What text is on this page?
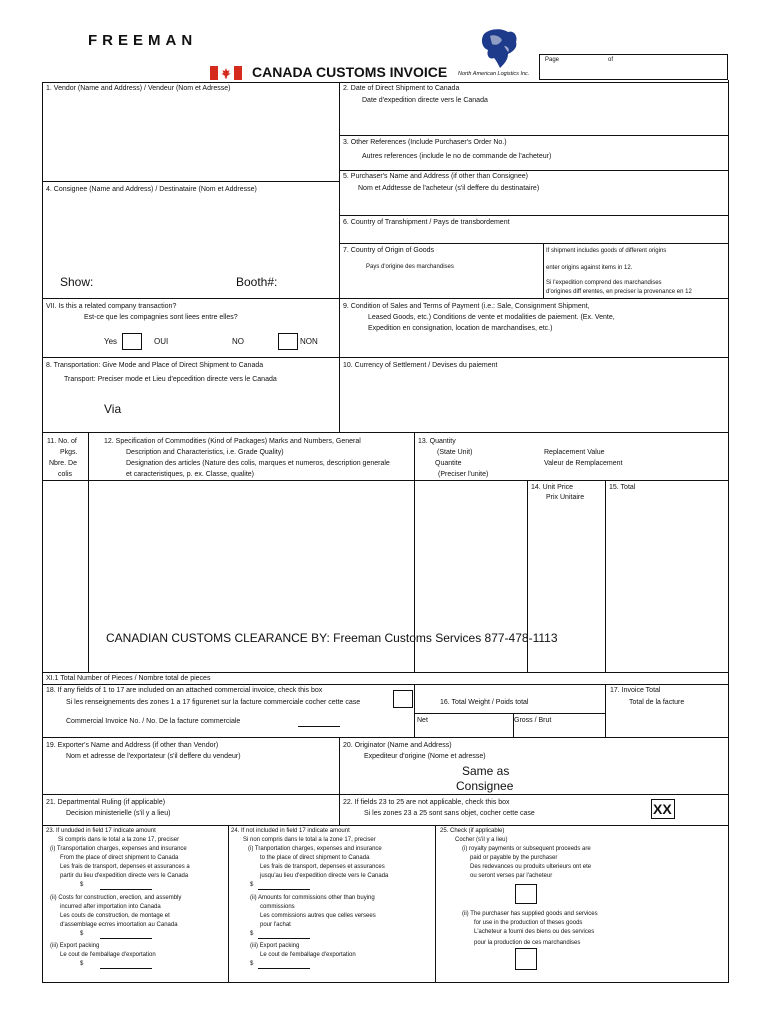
FREEMAN
CANADA CUSTOMS INVOICE North American Logistics Inc.
Page	of
1. Vendor (Name and Address) / Vendeur (Nom et Adresse)	2. Date of Direct Shipment to Canada
Date d'expedition directe vers le Canada
3. Other References (Include Purchaser's Order No.)
Autres references (include le no de commande de l'acheteur)
5. Purchaser's Name and Address (if other than Consignee)
Nom et Addtesse de l'acheteur (s'il deffere du destinataire)
4. Consignee (Name and Address) / Destinataire (Nom et Addresse)
6. Country of Transhipment / Pays de transbordement
7. Country of Origin of Goods
Pays d'origine des marchandises
If shipment includes goods of different origins
enter origins against items in 12.
Si l'expedition comprend des marchandises
d'origines diff erentes, en preciser la provenance en 12
Show:	Booth#:
VII. Is this a related company transaction?
Est-ce que les compagnies sont liees entre elles?
Yes	OUI	NO	NON
9. Condition of Sales and Terms of Payment (i.e.: Sale, Consignment Shipment,
Leased Goods, etc.) Conditions de vente et modalities de paiement. (Ex. Vente,
Expedition en consignation, location de marchandises, etc.)
8. Transportation: Give Mode and Place of Direct Shipment to Canada
Transport: Preciser mode et Lieu d'epcedition directe vers le Canada
Via
10. Currency of Settlement / Devises du paiement
11. No. of
Pkgs.
Nbre. De
colis
12. Specification of Commodities (Kind of Packages) Marks and Numbers, General
Description and Characteristics, i.e. Grade Quality)
Designation des articles (Nature des colis, marques et numeros, description generale
et caracteristiques, p. ex. Classe, qualite)
13. Quantity
(State Unit)
Quantite
(Preciser l'unite)
Replacement Value
Valeur de Remplacement
14. Unit Price
Prix Unitaire
15. Total
CANADIAN CUSTOMS CLEARANCE BY: Freeman Customs Services 877-478-1113
XI.1 Total Number of Pieces / Nombre total de pieces
18. If any fields of 1 to 17 are included on an attached commercial invoice, check this box
Si les renseignements des zones 1 a 17 figurenet sur la facture commerciale cocher cette case
Commercial Invoice No. / No. De la facture commerciale
16. Total Weight / Poids total
Net	Gross / Brut
17. Invoice Total
Total de la facture
19. Exporter's Name and Address (if other than Vendor)
Nom et adresse de l'exportateur (s'il deffere du vendeur)
20. Originator (Name and Address)
Expediteur d'origine (Nome et adresse)
Same as
Consignee
21. Departmental Ruling (if applicable)
Decision ministerielle (s'il y a lieu)
22. If fields 23 to 25 are not applicable, check this box
Si les zones 23 a 25 sont sans objet, cocher cette case	XX
23. If unduded in field 17 indicate amount
Si compris dans le total a la zone 17, preciser
(i) Transportation charges, expenses and insurance
From the place of direct shipment to Canada
Les frais de transport, depenses et assurances a
partir du lieu d'expedition directe vers le Canada
$
(ii) Costs for construction, erection, and assembly
incurred after importation into Canada
Les couts de construction, de montage et
d'assemblage ecrres imoortation au Canada
$
(iii) Export packing
Le cout de l'emballage d'exportation
$
24. If not included in field 17 indicate amount
Si non compris dans le total a la zone 17, preciser
(i) Tranportation charges, expenses and insurance
to the place of direct shipment to Canada
Les frais de transport, depenses et assurances
jusqu'au lieu d'expedition directe vers le Canada
$
(ii) Amounts for commissions other than buying
commissions
Les commissions autres que celles versees
pour l'achat
$
(iii) Export packing
Le cout de l'emballage d'exportation
$
25. Check (if applicable)
Cocher (s'il y a lieu)
(i) royalty payments or subsequent proceeds are
paid or payable by the purchaser
Des redevances ou produits ulterieurs ont ete
ou seront verses par l'acheteur
(ii) The purchaser has supplied goods and services
for use in the production of theses goods
L'acheteur a fourni des biens ou des services
pour la production de ces marchandises
